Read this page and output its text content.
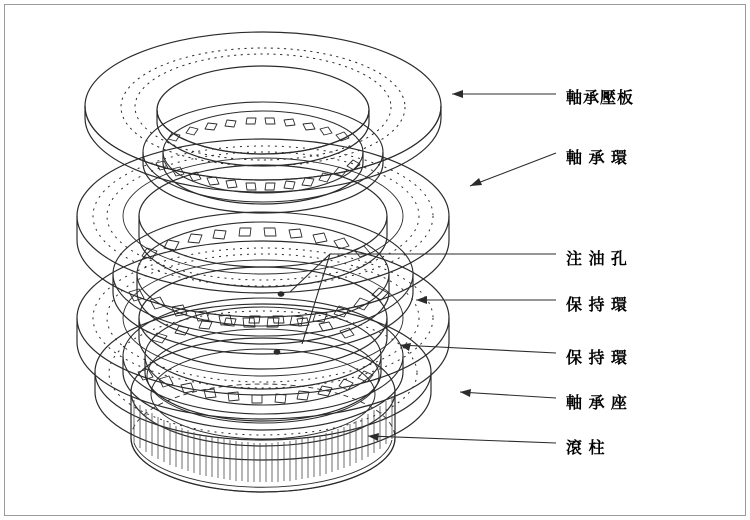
軸承壓板
軸 承 環
注 油 孔
保 持 環
保 持 環
軸 承 座
滾 柱
